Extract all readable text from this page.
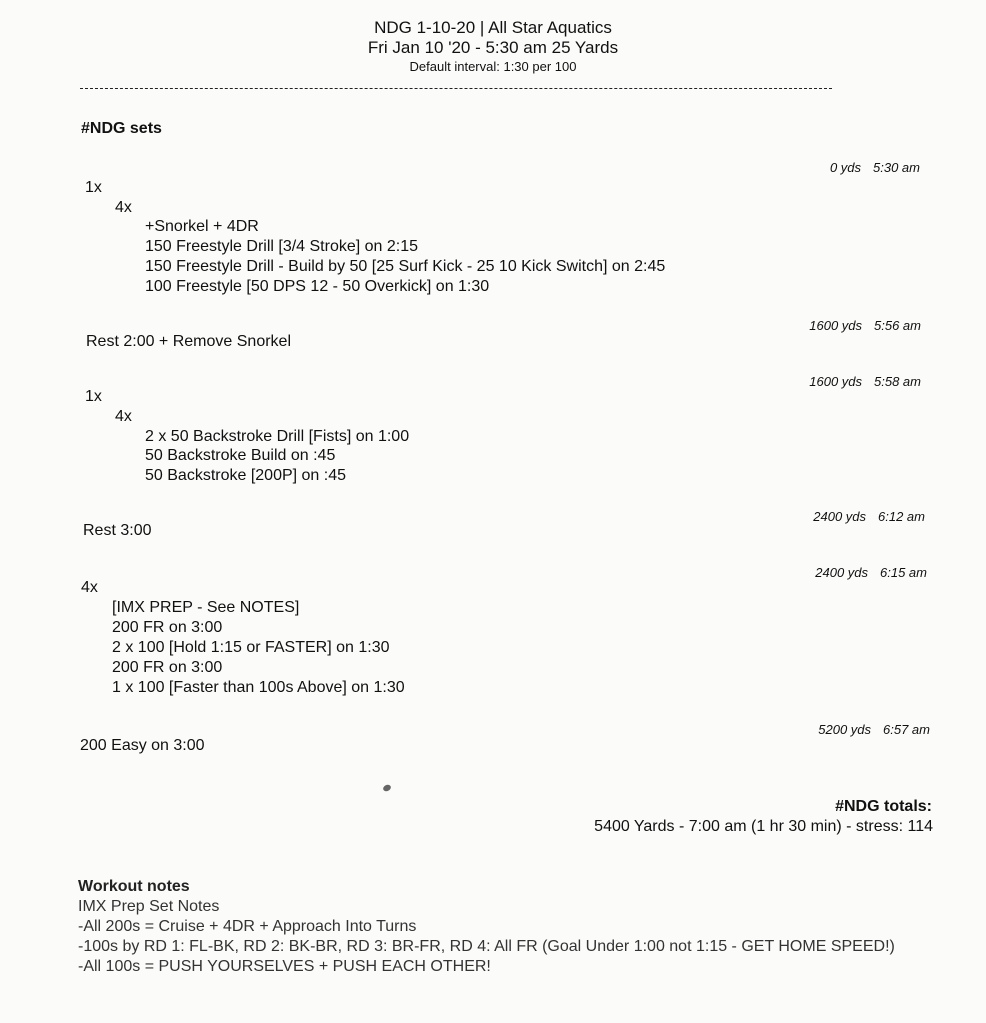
NDG 1-10-20 | All Star Aquatics
Fri Jan 10 '20 - 5:30 am 25 Yards
Default interval: 1:30 per 100
#NDG sets
0 yds 5:30 am
1600 yds 5:56 am
1600 yds 5:58 am
2400 yds 6:12 am
2400 yds 6:15 am
5200 yds 6:57 am
1x
4x
+Snorkel + 4DR
150 Freestyle Drill [3/4 Stroke] on 2:15
150 Freestyle Drill - Build by 50 [25 Surf Kick - 25 10 Kick Switch] on 2:45
100 Freestyle [50 DPS 12 - 50 Overkick] on 1:30
Rest 2:00 + Remove Snorkel
1x
4x
2 x 50 Backstroke Drill [Fists] on 1:00
50 Backstroke Build on :45
50 Backstroke [200P] on :45
Rest 3:00
4x
[IMX PREP - See NOTES]
200 FR on 3:00
2 x 100 [Hold 1:15 or FASTER] on 1:30
200 FR on 3:00
1 x 100 [Faster than 100s Above] on 1:30
200 Easy on 3:00
#NDG totals:
5400 Yards - 7:00 am (1 hr 30 min) - stress: 114
Workout notes
IMX Prep Set Notes
-All 200s = Cruise + 4DR + Approach Into Turns
-100s by RD 1: FL-BK, RD 2: BK-BR, RD 3: BR-FR, RD 4: All FR (Goal Under 1:00 not 1:15 - GET HOME SPEED!)
-All 100s = PUSH YOURSELVES + PUSH EACH OTHER!
